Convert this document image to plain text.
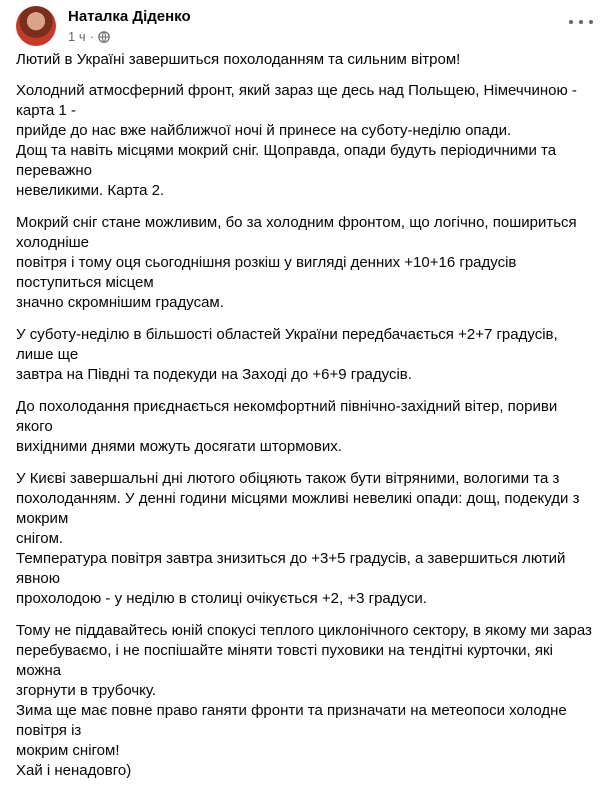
Наталка Діденко
1 ч ·

Лютий в Україні завершиться похолоданням та сильним вітром!

Холодний атмосферний фронт, який зараз ще десь над Польщею, Німеччиною - карта 1 -
прийде до нас вже найближчої ночі й принесе на суботу-неділю опади.
Дощ та навіть місцями мокрий сніг. Щоправда, опади будуть періодичними та переважно
невеликими. Карта 2.

Мокрий сніг стане можливим, бо за холодним фронтом, що логічно, пошириться холодніше
повітря і тому оця сьогоднішня розкіш у вигляді денних +10+16 градусів поступиться місцем
значно скромнішим градусам.

У суботу-неділю в більшості областей України передбачається +2+7 градусів, лише ще
завтра на Півдні та подекуди на Заході до +6+9 градусів.

До похолодання приєднається некомфортний північно-західний вітер, пориви якого
вихідними днями можуть досягати штормових.

У Києві завершальні дні лютого обіцяють також бути вітряними, вологими та з
похолоданням. У денні години місцями можливі невеликі опади: дощ, подекуди з мокрим
снігом.
Температура повітря завтра знизиться до +3+5 градусів, а завершиться лютий явною
прохолодою - у неділю в столиці очікується +2, +3 градуси.

Тому не піддавайтесь юній спокусі теплого циклонічного сектору, в якому ми зараз
перебуваємо, і не поспішайте міняти товсті пуховики на тендітні курточки, які можна
згорнути в трубочку.
Зима ще має повне право ганяти фронти та призначати на метеопоси холодне повітря із
мокрим снігом!
Хай і ненадовго)
